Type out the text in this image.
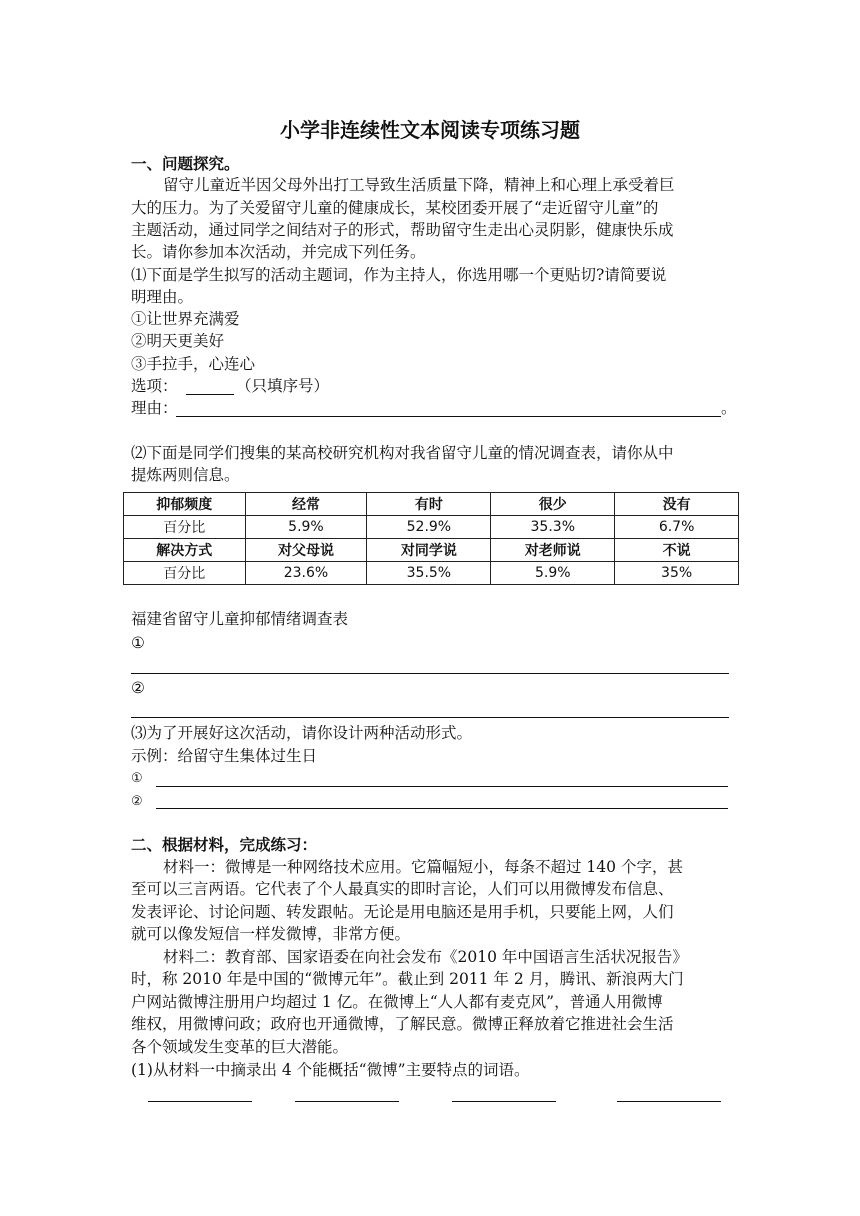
小学非连续性文本阅读专项练习题
一、问题探究。
留守儿童近半因父母外出打工导致生活质量下降，精神上和心理上承受着巨
大的压力。为了关爱留守儿童的健康成长，某校团委开展了“走近留守儿童”的
主题活动，通过同学之间结对子的形式，帮助留守生走出心灵阴影，健康快乐成
长。请你参加本次活动，并完成下列任务。
⑴下面是学生拟写的活动主题词，作为主持人，你选用哪一个更贴切?请简要说
明理由。
①让世界充满爱
②明天更美好
③手拉手，心连心
选项：	（只填序号）
理由：	。
⑵下面是同学们搜集的某高校研究机构对我省留守儿童的情况调查表，请你从中
提炼两则信息。
抑郁频度	经常	有时	很少	没有
百分比	5.9%	52.9%	35.3%	6.7%
解决方式	对父母说	对同学说	对老师说	不说
百分比	23.6%	35.5%	5.9%	35%
福建省留守儿童抑郁情绪调查表
①
②
⑶为了开展好这次活动，请你设计两种活动形式。
示例：给留守生集体过生日
①
②
二、根据材料，完成练习：
材料一：微博是一种网络技术应用。它篇幅短小，每条不超过 140 个字，甚
至可以三言两语。它代表了个人最真实的即时言论，人们可以用微博发布信息、
发表评论、讨论问题、转发跟帖。无论是用电脑还是用手机，只要能上网，人们
就可以像发短信一样发微博，非常方便。
材料二：教育部、国家语委在向社会发布《2010 年中国语言生活状况报告》
时，称 2010 年是中国的“微博元年”。截止到 2011 年 2 月，腾讯、新浪两大门
户网站微博注册用户均超过 1 亿。在微博上“人人都有麦克风”，普通人用微博
维权，用微博问政；政府也开通微博，了解民意。微博正释放着它推进社会生活
各个领域发生变革的巨大潜能。
(1)从材料一中摘录出 4 个能概括“微博”主要特点的词语。
